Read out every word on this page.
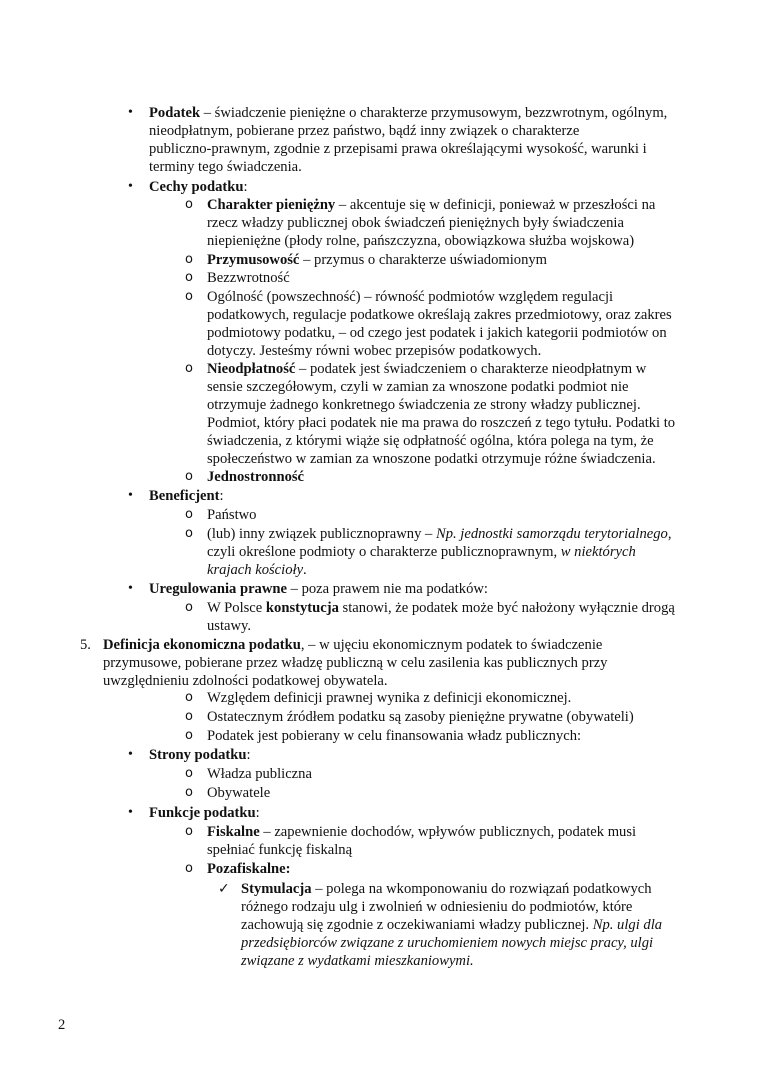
Podatek – świadczenie pieniężne o charakterze przymusowym, bezzwrotnym, ogólnym,
•
nieodpłatnym, pobierane przez państwo, bądź inny związek o charakterze
publiczno-prawnym, zgodnie z przepisami prawa określającymi wysokość, warunki i
terminy tego świadczenia.
Cechy podatku:
•
Charakter pieniężny – akcentuje się w definicji, ponieważ w przeszłości na
o
rzecz władzy publicznej obok świadczeń pieniężnych były świadczenia
niepieniężne (płody rolne, pańszczyzna, obowiązkowa służba wojskowa)
Przymusowość – przymus o charakterze uświadomionym
o
Bezzwrotność
o
Ogólność (powszechność) – równość podmiotów względem regulacji
o
podatkowych, regulacje podatkowe określają zakres przedmiotowy, oraz zakres
podmiotowy podatku, – od czego jest podatek i jakich kategorii podmiotów on
dotyczy. Jesteśmy równi wobec przepisów podatkowych.
Nieodpłatność – podatek jest świadczeniem o charakterze nieodpłatnym w
o
sensie szczegółowym, czyli w zamian za wnoszone podatki podmiot nie
otrzymuje żadnego konkretnego świadczenia ze strony władzy publicznej.
Podmiot, który płaci podatek nie ma prawa do roszczeń z tego tytułu. Podatki to
świadczenia, z którymi wiąże się odpłatność ogólna, która polega na tym, że
społeczeństwo w zamian za wnoszone podatki otrzymuje różne świadczenia.
Jednostronność
o
Beneficjent:
•
Państwo
o
(lub) inny związek publicznoprawny – Np. jednostki samorządu terytorialnego,
o
czyli określone podmioty o charakterze publicznoprawnym, w niektórych
krajach kościoły.
Uregulowania prawne – poza prawem nie ma podatków:
•
W Polsce konstytucja stanowi, że podatek może być nałożony wyłącznie drogą
o
ustawy.
Definicja ekonomiczna podatku, – w ujęciu ekonomicznym podatek to świadczenie
5.
przymusowe, pobierane przez władzę publiczną w celu zasilenia kas publicznych przy
uwzględnieniu zdolności podatkowej obywatela.
Względem definicji prawnej wynika z definicji ekonomicznej.
o
Ostatecznym źródłem podatku są zasoby pieniężne prywatne (obywateli)
o
Podatek jest pobierany w celu finansowania władz publicznych:
o
Strony podatku:
•
Władza publiczna
o
Obywatele
o
Funkcje podatku:
•
Fiskalne – zapewnienie dochodów, wpływów publicznych, podatek musi
o
spełniać funkcję fiskalną
Pozafiskalne:
o
Stymulacja – polega na wkomponowaniu do rozwiązań podatkowych
✓
różnego rodzaju ulg i zwolnień w odniesieniu do podmiotów, które
zachowują się zgodnie z oczekiwaniami władzy publicznej. Np. ulgi dla
przedsiębiorców związane z uruchomieniem nowych miejsc pracy, ulgi
związane z wydatkami mieszkaniowymi.
2
